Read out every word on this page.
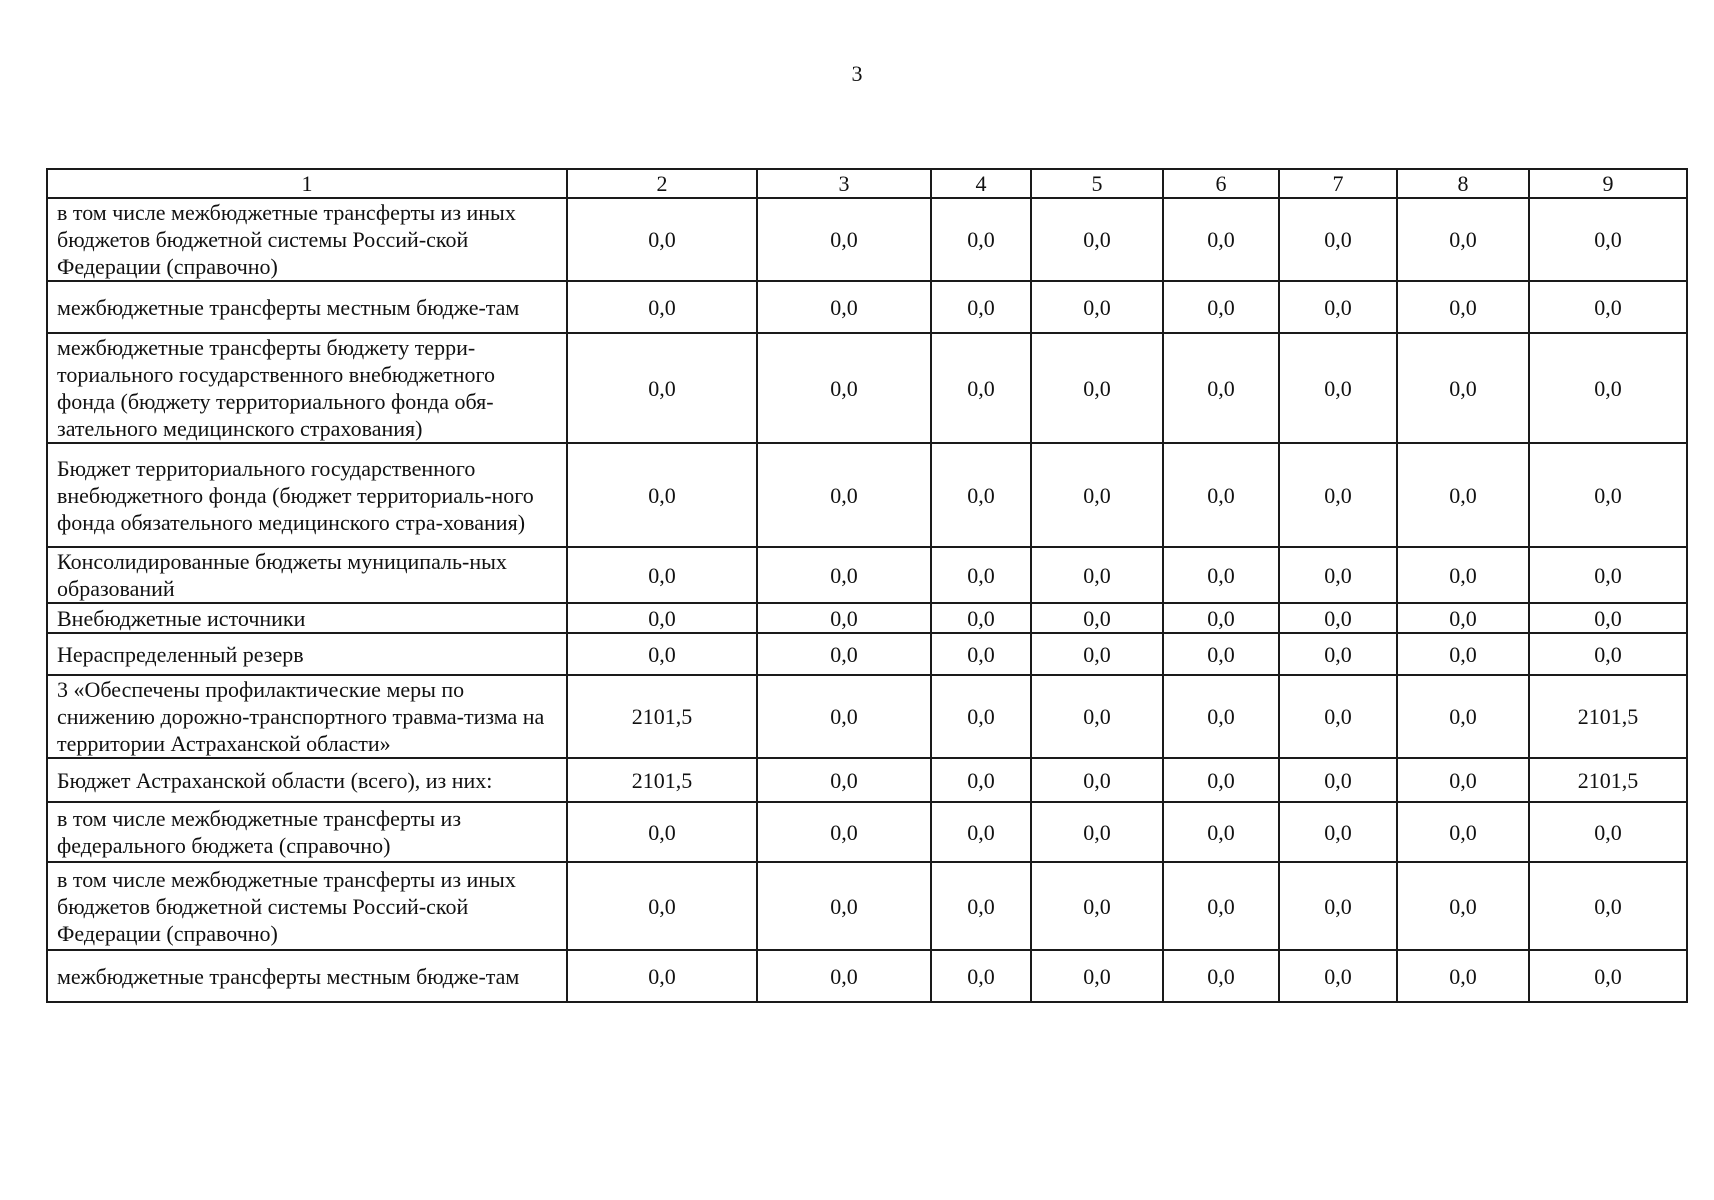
3
1	2	3	4	5	6	7	8	9
в том числе межбюджетные трансферты из иных бюджетов бюджетной системы Россий-ской Федерации (справочно)	0,0	0,0	0,0	0,0	0,0	0,0	0,0	0,0
межбюджетные трансферты местным бюдже-там	0,0	0,0	0,0	0,0	0,0	0,0	0,0	0,0
межбюджетные трансферты бюджету терри-ториального государственного внебюджетного фонда (бюджету территориального фонда обя-зательного медицинского страхования)	0,0	0,0	0,0	0,0	0,0	0,0	0,0	0,0
Бюджет территориального государственного внебюджетного фонда (бюджет территориаль-ного фонда обязательного медицинского стра-хования)	0,0	0,0	0,0	0,0	0,0	0,0	0,0	0,0
Консолидированные бюджеты муниципаль-ных образований	0,0	0,0	0,0	0,0	0,0	0,0	0,0	0,0
Внебюджетные источники	0,0	0,0	0,0	0,0	0,0	0,0	0,0	0,0
Нераспределенный резерв	0,0	0,0	0,0	0,0	0,0	0,0	0,0	0,0
3 «Обеспечены профилактические меры по снижению дорожно-транспортного травма-тизма на территории Астраханской области»	2101,5	0,0	0,0	0,0	0,0	0,0	0,0	2101,5
Бюджет Астраханской области (всего), из них:	2101,5	0,0	0,0	0,0	0,0	0,0	0,0	2101,5
в том числе межбюджетные трансферты из федерального бюджета (справочно)	0,0	0,0	0,0	0,0	0,0	0,0	0,0	0,0
в том числе межбюджетные трансферты из иных бюджетов бюджетной системы Россий-ской Федерации (справочно)	0,0	0,0	0,0	0,0	0,0	0,0	0,0	0,0
межбюджетные трансферты местным бюдже-там	0,0	0,0	0,0	0,0	0,0	0,0	0,0	0,0
